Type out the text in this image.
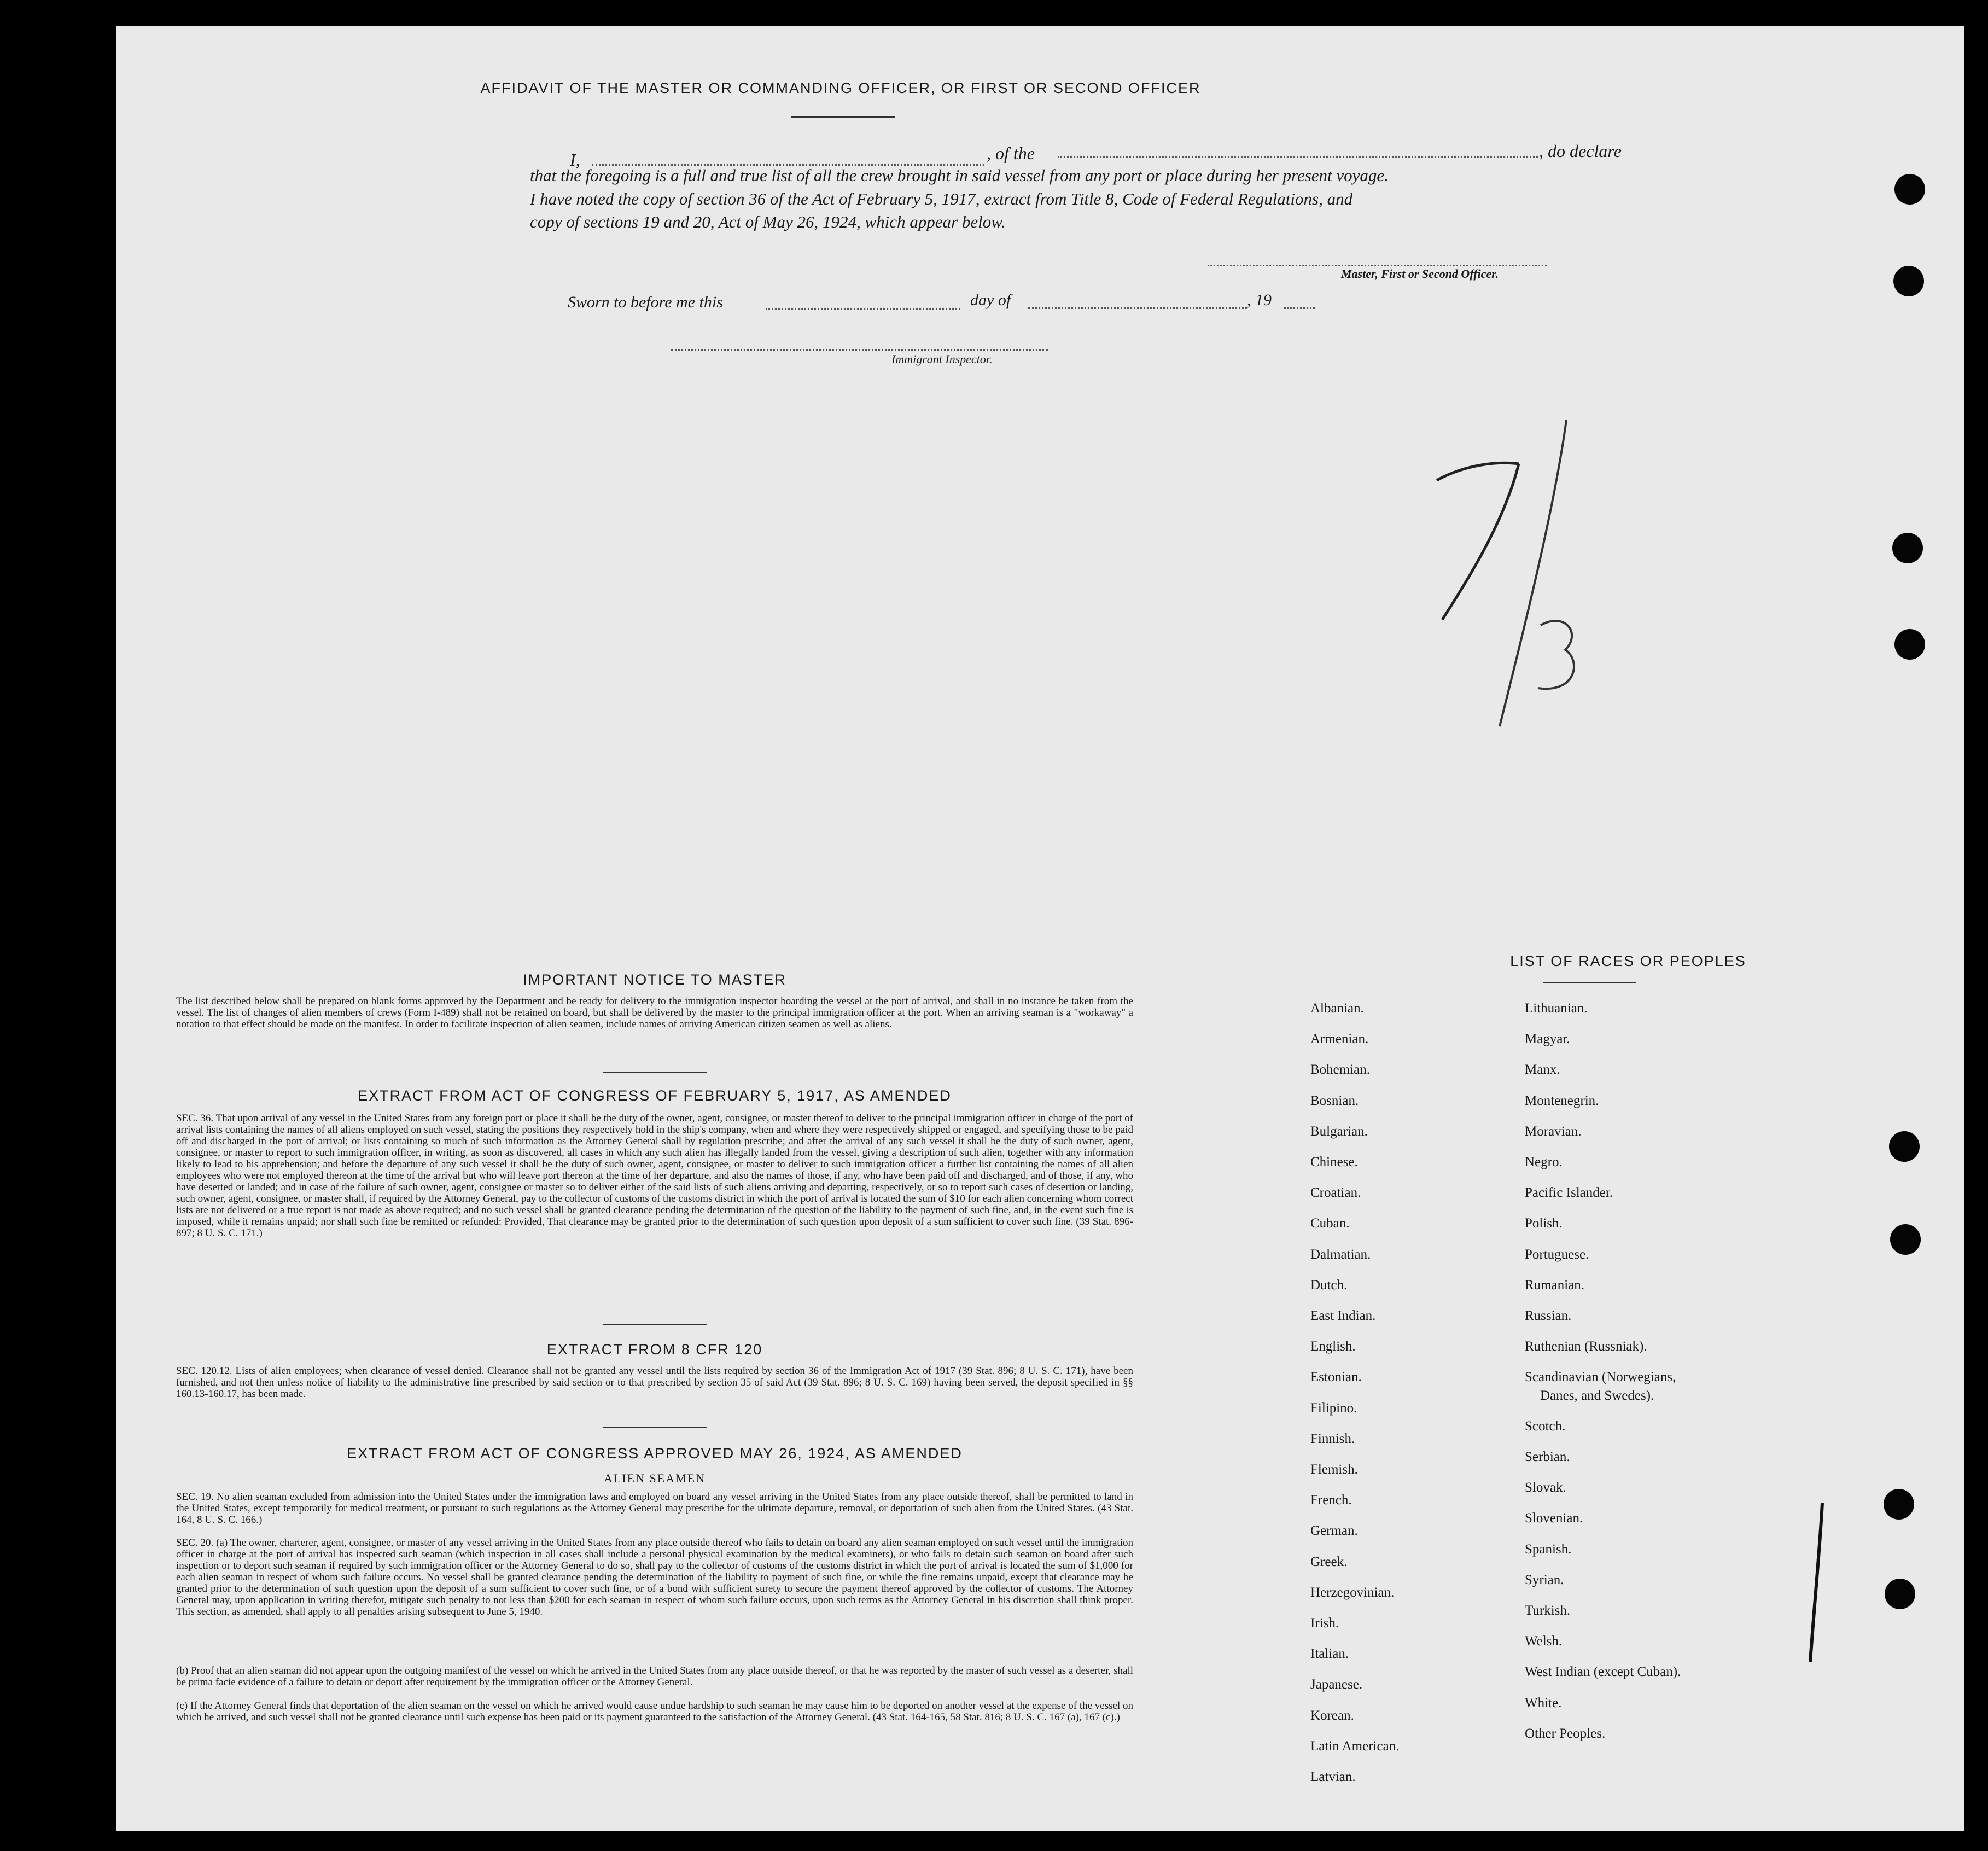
AFFIDAVIT OF THE MASTER OR COMMANDING OFFICER, OR FIRST OR SECOND OFFICER
I,	, of the	, do declare
that the foregoing is a full and true list of all the crew brought in said vessel from any port or place during her present voyage.
I have noted the copy of section 36 of the Act of February 5, 1917, extract from Title 8, Code of Federal Regulations, and
copy of sections 19 and 20, Act of May 26, 1924, which appear below.
Master, First or Second Officer.
Sworn to before me this	day of	, 19
Immigrant Inspector.
IMPORTANT NOTICE TO MASTER
The list described below shall be prepared on blank forms approved by the Department and be ready for delivery to the immigration inspector boarding the vessel at the port of arrival, and shall in no instance be taken from the vessel. The list of changes of alien members of crews (Form I-489) shall not be retained on board, but shall be delivered by the master to the principal immigration officer at the port. When an arriving seaman is a "workaway" a notation to that effect should be made on the manifest. In order to facilitate inspection of alien seamen, include names of arriving American citizen seamen as well as aliens.
EXTRACT FROM ACT OF CONGRESS OF FEBRUARY 5, 1917, AS AMENDED
SEC. 36. That upon arrival of any vessel in the United States from any foreign port or place it shall be the duty of the owner, agent, consignee, or master thereof to deliver to the principal immigration officer in charge of the port of arrival lists containing the names of all aliens employed on such vessel, stating the positions they respectively hold in the ship's company, when and where they were respectively shipped or engaged, and specifying those to be paid off and discharged in the port of arrival; or lists containing so much of such information as the Attorney General shall by regulation prescribe; and after the arrival of any such vessel it shall be the duty of such owner, agent, consignee, or master to report to such immigration officer, in writing, as soon as discovered, all cases in which any such alien has illegally landed from the vessel, giving a description of such alien, together with any information likely to lead to his apprehension; and before the departure of any such vessel it shall be the duty of such owner, agent, consignee, or master to deliver to such immigration officer a further list containing the names of all alien employees who were not employed thereon at the time of the arrival but who will leave port thereon at the time of her departure, and also the names of those, if any, who have been paid off and discharged, and of those, if any, who have deserted or landed; and in case of the failure of such owner, agent, consignee or master so to deliver either of the said lists of such aliens arriving and departing, respectively, or so to report such cases of desertion or landing, such owner, agent, consignee, or master shall, if required by the Attorney General, pay to the collector of customs of the customs district in which the port of arrival is located the sum of $10 for each alien concerning whom correct lists are not delivered or a true report is not made as above required; and no such vessel shall be granted clearance pending the determination of the question of the liability to the payment of such fine, and, in the event such fine is imposed, while it remains unpaid; nor shall such fine be remitted or refunded: Provided, That clearance may be granted prior to the determination of such question upon deposit of a sum sufficient to cover such fine. (39 Stat. 896-897; 8 U. S. C. 171.)
EXTRACT FROM 8 CFR 120
SEC. 120.12. Lists of alien employees; when clearance of vessel denied. Clearance shall not be granted any vessel until the lists required by section 36 of the Immigration Act of 1917 (39 Stat. 896; 8 U. S. C. 171), have been furnished, and not then unless notice of liability to the administrative fine prescribed by said section or to that prescribed by section 35 of said Act (39 Stat. 896; 8 U. S. C. 169) having been served, the deposit specified in §§ 160.13-160.17, has been made.
EXTRACT FROM ACT OF CONGRESS APPROVED MAY 26, 1924, AS AMENDED
ALIEN SEAMEN
SEC. 19. No alien seaman excluded from admission into the United States under the immigration laws and employed on board any vessel arriving in the United States from any place outside thereof, shall be permitted to land in the United States, except temporarily for medical treatment, or pursuant to such regulations as the Attorney General may prescribe for the ultimate departure, removal, or deportation of such alien from the United States. (43 Stat. 164, 8 U. S. C. 166.)
SEC. 20. (a) The owner, charterer, agent, consignee, or master of any vessel arriving in the United States from any place outside thereof who fails to detain on board any alien seaman employed on such vessel until the immigration officer in charge at the port of arrival has inspected such seaman (which inspection in all cases shall include a personal physical examination by the medical examiners), or who fails to detain such seaman on board after such inspection or to deport such seaman if required by such immigration officer or the Attorney General to do so, shall pay to the collector of customs of the customs district in which the port of arrival is located the sum of $1,000 for each alien seaman in respect of whom such failure occurs. No vessel shall be granted clearance pending the determination of the liability to payment of such fine, or while the fine remains unpaid, except that clearance may be granted prior to the determination of such question upon the deposit of a sum sufficient to cover such fine, or of a bond with sufficient surety to secure the payment thereof approved by the collector of customs. The Attorney General may, upon application in writing therefor, mitigate such penalty to not less than $200 for each seaman in respect of whom such failure occurs, upon such terms as the Attorney General in his discretion shall think proper. This section, as amended, shall apply to all penalties arising subsequent to June 5, 1940.
(b) Proof that an alien seaman did not appear upon the outgoing manifest of the vessel on which he arrived in the United States from any place outside thereof, or that he was reported by the master of such vessel as a deserter, shall be prima facie evidence of a failure to detain or deport after requirement by the immigration officer or the Attorney General.
(c) If the Attorney General finds that deportation of the alien seaman on the vessel on which he arrived would cause undue hardship to such seaman he may cause him to be deported on another vessel at the expense of the vessel on which he arrived, and such vessel shall not be granted clearance until such expense has been paid or its payment guaranteed to the satisfaction of the Attorney General. (43 Stat. 164-165, 58 Stat. 816; 8 U. S. C. 167 (a), 167 (c).)
LIST OF RACES OR PEOPLES
Albanian.
Armenian.
Bohemian.
Bosnian.
Bulgarian.
Chinese.
Croatian.
Cuban.
Dalmatian.
Dutch.
East Indian.
English.
Estonian.
Filipino.
Finnish.
Flemish.
French.
German.
Greek.
Herzegovinian.
Irish.
Italian.
Japanese.
Korean.
Latin American.
Latvian.
Lithuanian.
Magyar.
Manx.
Montenegrin.
Moravian.
Negro.
Pacific Islander.
Polish.
Portuguese.
Rumanian.
Russian.
Ruthenian (Russniak).
Scandinavian (Norwegians,
Danes, and Swedes).
Scotch.
Serbian.
Slovak.
Slovenian.
Spanish.
Syrian.
Turkish.
Welsh.
West Indian (except Cuban).
White.
Other Peoples.
